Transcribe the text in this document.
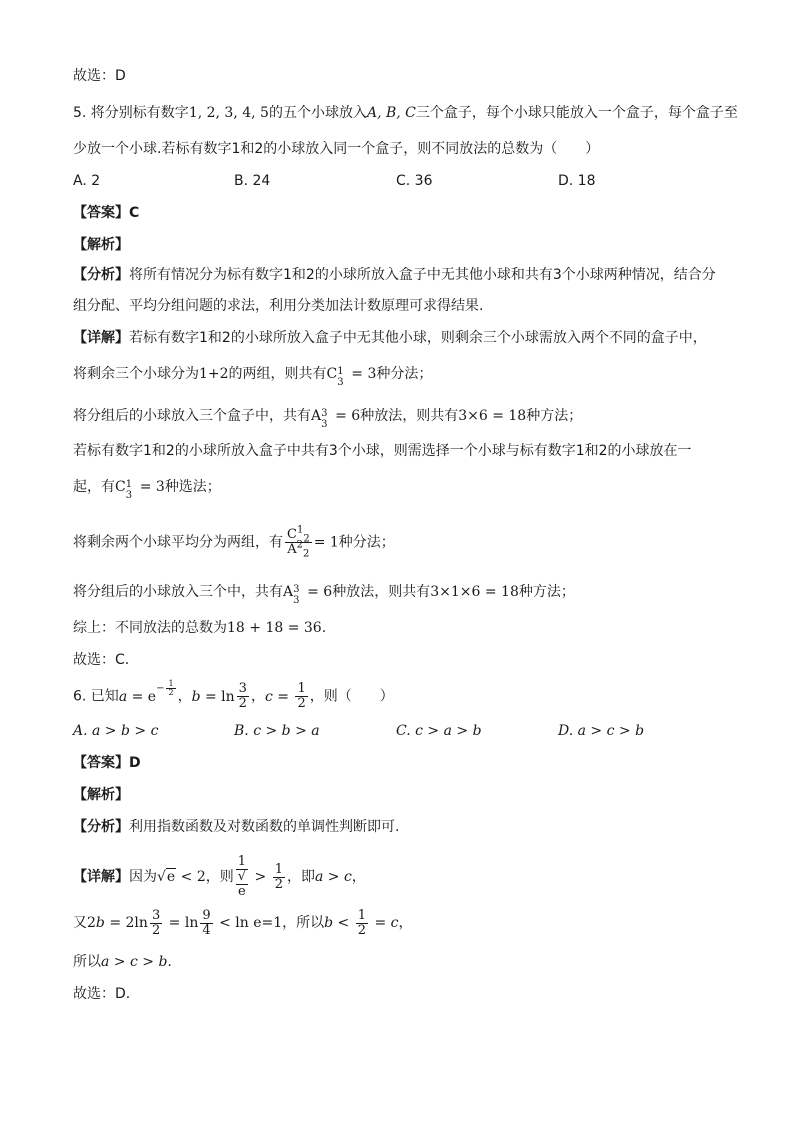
故选：D
5. 将分别标有数字1, 2, 3, 4, 5的五个小球放入A, B, C三个盒子，每个小球只能放入一个盒子，每个盒子至
少放一个小球.若标有数字1和2的小球放入同一个盒子，则不同放法的总数为（　　）
A. 2	B. 24	C. 36	D. 18
【答案】C
【解析】
【分析】将所有情况分为标有数字1和2的小球所放入盒子中无其他小球和共有3个小球两种情况，结合分
组分配、平均分组问题的求法，利用分类加法计数原理可求得结果.
【详解】若标有数字1和2的小球所放入盒子中无其他小球，则剩余三个小球需放入两个不同的盒子中，
将剩余三个小球分为1+2的两组，则共有C 1
3
= 3种分法；
将分组后的小球放入三个盒子中，共有A 3
3
= 6种放法，则共有3×6 = 18种方法；
若标有数字1和2的小球所放入盒子中共有3个小球，则需选择一个小球与标有数字1和2的小球放在一
起，有C 1
3
= 3种选法；
将剩余两个小球平均分为两组，有 $\frac{C^1_2}{A^2_2} = 1$种分法；
将分组后的小球放入三个中，共有A 3
3
= 6种放法，则共有3×1×6 = 18种方法；
综上：不同放法的总数为18 + 18 = 36.
故选：C.
6. 已知$a = e^{- \frac{1}{2}}$ ，$b = \ln \frac{3}{2}$ ，$c = \frac{1}{2}$ ，则（　　）
A. a > b > c	B. c > b > a	C. c > a > b	D. a > c > b
【答案】D
【解析】
【分析】利用指数函数及对数函数的单调性判断即可.
【详解】因为√e < 2，则 1
√
$e > \frac{1}{2}$ ，即a > c，
又$2b = 2\ln \frac{3}{2} = \ln \frac{9}{4} < \ln e=1$，所以$b < \frac{1}{2} = c$，
所以a > c > b.
故选：D.
